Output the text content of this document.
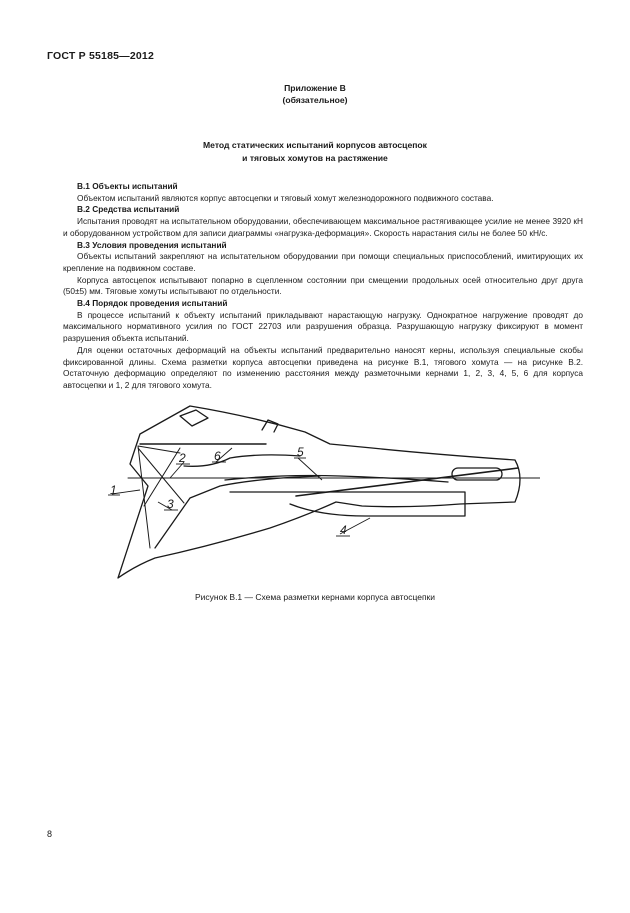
ГОСТ Р 55185—2012
Приложение В
(обязательное)
Метод статических испытаний корпусов автосцепок
и тяговых хомутов на растяжение

В.1 Объекты испытаний

Объектом испытаний являются корпус автосцепки и тяговый хомут железнодорожного подвижного состава.

В.2 Средства испытаний

Испытания проводят на испытательном оборудовании, обеспечивающем максимальное растягивающее усилие не менее 3920 кН и оборудованном устройством для записи диаграммы «нагрузка-деформация». Скорость нарастания силы не более 50 кН/с.

В.3 Условия проведения испытаний

Объекты испытаний закрепляют на испытательном оборудовании при помощи специальных приспособлений, имитирующих их крепление на подвижном составе.

Корпуса автосцепок испытывают попарно в сцепленном состоянии при смещении продольных осей относительно друг друга (50±5) мм. Тяговые хомуты испытывают по отдельности.

В.4 Порядок проведения испытаний

В процессе испытаний к объекту испытаний прикладывают нарастающую нагрузку. Однократное нагружение проводят до максимального нормативного усилия по ГОСТ 22703 или разрушения образца. Разрушающую нагрузку фиксируют в момент разрушения объекта испытаний.

Для оценки остаточных деформаций на объекты испытаний предварительно наносят керны, используя специальные скобы фиксированной длины. Схема разметки корпуса автосцепки приведена на рисунке В.1, тягового хомута — на рисунке В.2. Остаточную деформацию определяют по изменению расстояния между разметочными кернами 1, 2, 3, 4, 5, 6 для корпуса автосцепки и 1, 2 для тягового хомута.

1
2
3
4
5
6
Рисунок В.1 — Схема разметки кернами корпуса автосцепки
8
